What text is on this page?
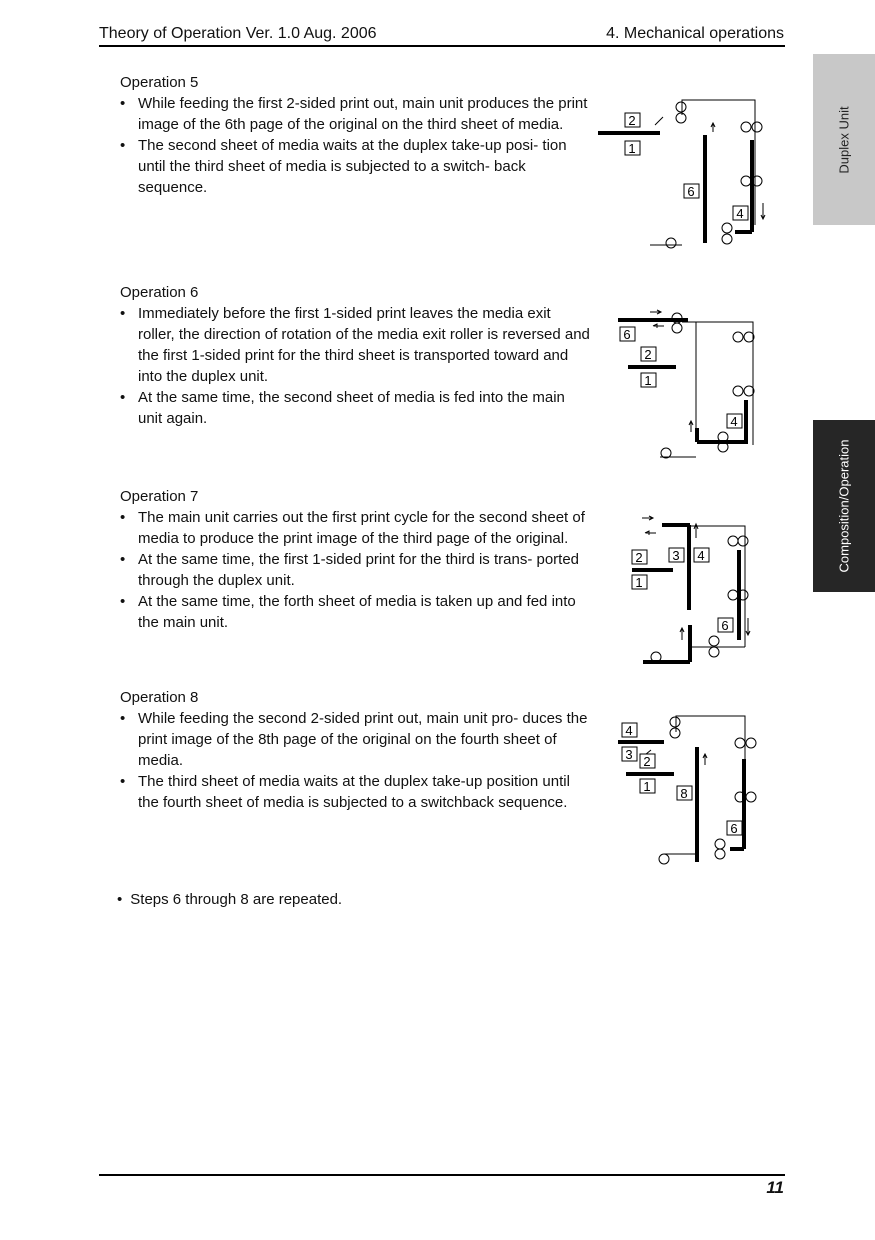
Theory of Operation Ver. 1.0 Aug. 2006	4. Mechanical operations
Duplex Unit
Composition/Operation

Operation 5

• While feeding the first 2-sided print out, main unit produces the print image of the 6th page of the original on the third sheet of media.
• The second sheet of media waits at the duplex take-up posi- tion until the third sheet of media is subjected to a switch- back sequence.
2
1
6
4

Operation 6

• Immediately before the first 1-sided print leaves the media exit roller, the direction of rotation of the media exit roller is reversed and the first 1-sided print for the third sheet is transported toward and into the duplex unit.
• At the same time, the second sheet of media is fed into the main unit again.
6
2
1
4

Operation 7

• The main unit carries out the first print cycle for the second sheet of media to produce the print image of the third page of the original.
• At the same time, the first 1-sided print for the third is trans- ported through the duplex unit.
• At the same time, the forth sheet of media is taken up and fed into the main unit.
2 3 4
1
6

Operation 8

• While feeding the second 2-sided print out, main unit pro- duces the print image of the 8th page of the original on the fourth sheet of media.
• The third sheet of media waits at the duplex take-up position until the fourth sheet of media is subjected to a switchback sequence.
4
3 2
1 8
6
• Steps 6 through 8 are repeated.
11
